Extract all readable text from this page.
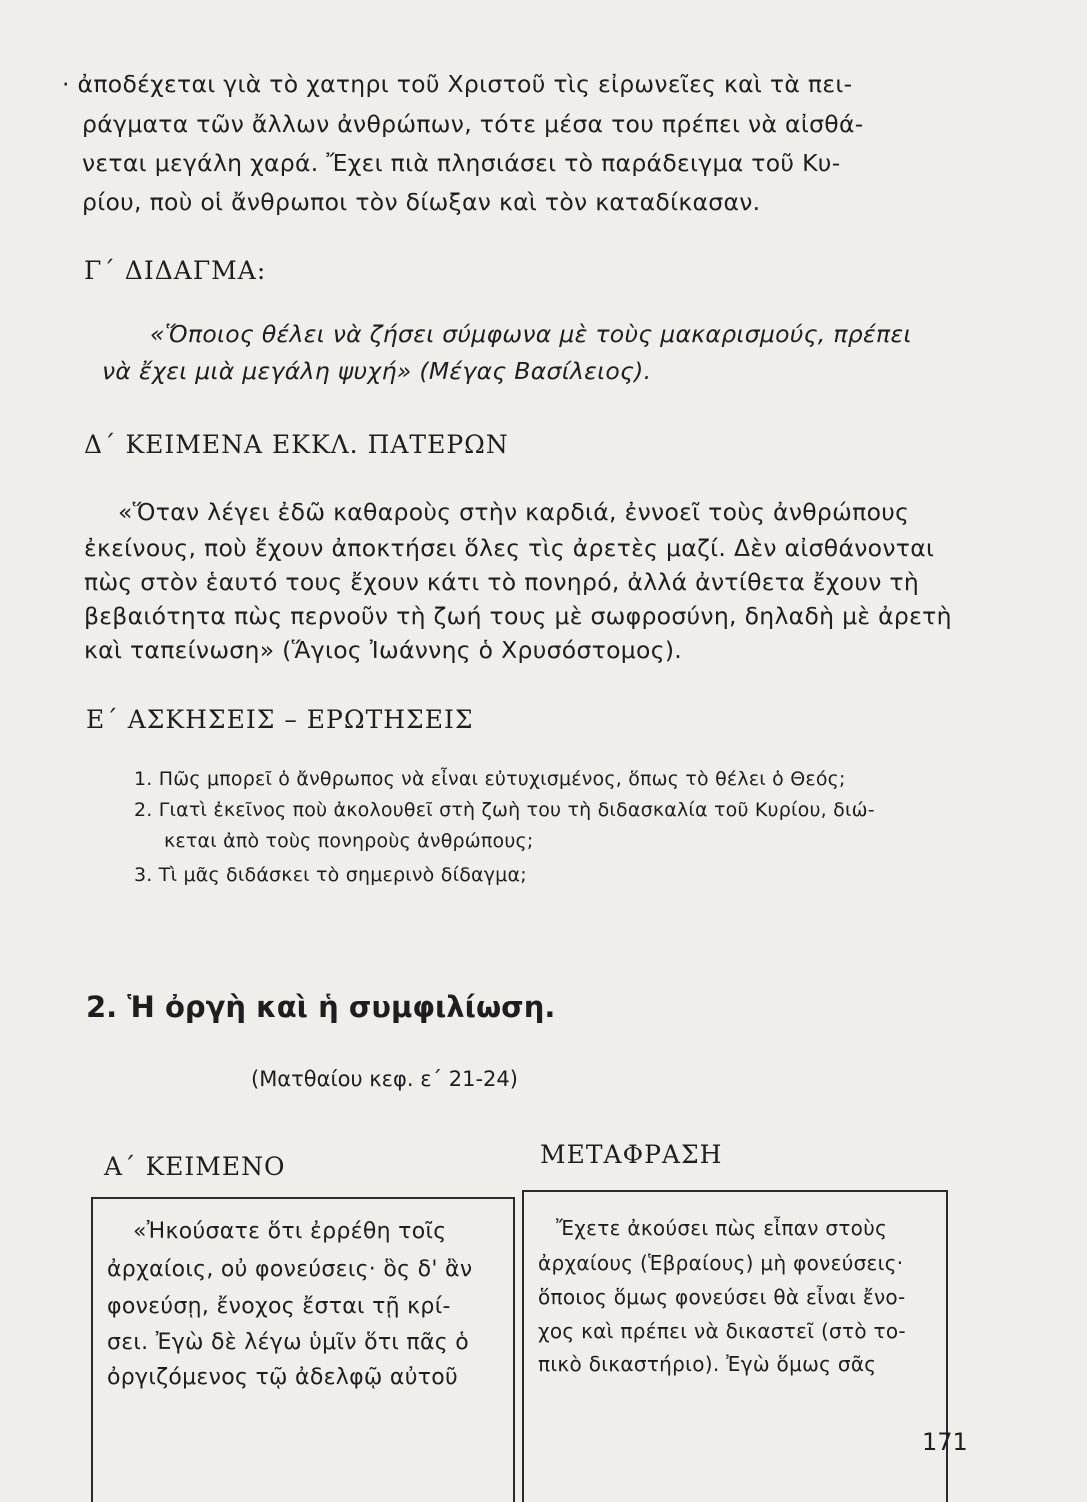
· ἀποδέχεται γιὰ τὸ χατηρι τοῦ Χριστοῦ τὶς εἰρωνεῖες καὶ τὰ πει-
ράγματα τῶν ἄλλων ἀνθρώπων, τότε μέσα του πρέπει νὰ αἰσθά-
νεται μεγάλη χαρά. Ἔχει πιὰ πλησιάσει τὸ παράδειγμα τοῦ Κυ-
ρίου, ποὺ οἱ ἄνθρωποι τὸν δίωξαν καὶ τὸν καταδίκασαν.
Γ΄ ΔΙΔΑΓΜΑ:
«Ὅποιος θέλει νὰ ζήσει σύμφωνα μὲ τοὺς μακαρισμούς, πρέπει
νὰ ἔχει μιὰ μεγάλη ψυχή» (Μέγας Βασίλειος).
Δ΄ ΚΕΙΜΕΝΑ ΕΚΚΛ. ΠΑΤΕΡΩΝ
«Ὅταν λέγει ἐδῶ καθαροὺς στὴν καρδιά, ἐννοεῖ τοὺς ἀνθρώπους
ἐκείνους, ποὺ ἔχουν ἀποκτήσει ὅλες τὶς ἀρετὲς μαζί. Δὲν αἰσθάνονται
πὼς στὸν ἑαυτό τους ἔχουν κάτι τὸ πονηρό, ἀλλά ἀντίθετα ἔχουν τὴ
βεβαιότητα πὼς περνοῦν τὴ ζωή τους μὲ σωφροσύνη, δηλαδὴ μὲ ἀρετὴ
καὶ ταπείνωση» (Ἅγιος Ἰωάννης ὁ Χρυσόστομος).
Ε΄ ΑΣΚΗΣΕΙΣ – ΕΡΩΤΗΣΕΙΣ
1. Πῶς μπορεῖ ὁ ἄνθρωπος νὰ εἶναι εὐτυχισμένος, ὅπως τὸ θέλει ὁ Θεός;
2. Γιατὶ ἐκεῖνος ποὺ ἀκολουθεῖ στὴ ζωὴ του τὴ διδασκαλία τοῦ Κυρίου, διώ-
κεται ἀπὸ τοὺς πονηροὺς ἀνθρώπους;
3. Τὶ μᾶς διδάσκει τὸ σημερινὸ δίδαγμα;
2. Ἡ ὀργὴ καὶ ἡ συμφιλίωση.
(Ματθαίου κεφ. ε΄ 21-24)
Α΄ ΚΕΙΜΕΝΟ	ΜΕΤΑΦΡΑΣΗ
«Ἠκούσατε ὅτι ἐρρέθη τοῖς
ἀρχαίοις, οὐ φονεύσεις· ὃς δ' ἂν
φονεύσῃ, ἔνοχος ἔσται τῇ κρί-
σει. Ἐγὼ δὲ λέγω ὑμῖν ὅτι πᾶς ὁ
ὀργιζόμενος τῷ ἀδελφῷ αὐτοῦ
Ἔχετε ἀκούσει πὼς εἶπαν στοὺς
ἀρχαίους (Ἑβραίους) μὴ φονεύσεις·
ὅποιος ὅμως φονεύσει θὰ εἶναι ἔνο-
χος καὶ πρέπει νὰ δικαστεῖ (στὸ το-
πικὸ δικαστήριο). Ἐγὼ ὅμως σᾶς
171
